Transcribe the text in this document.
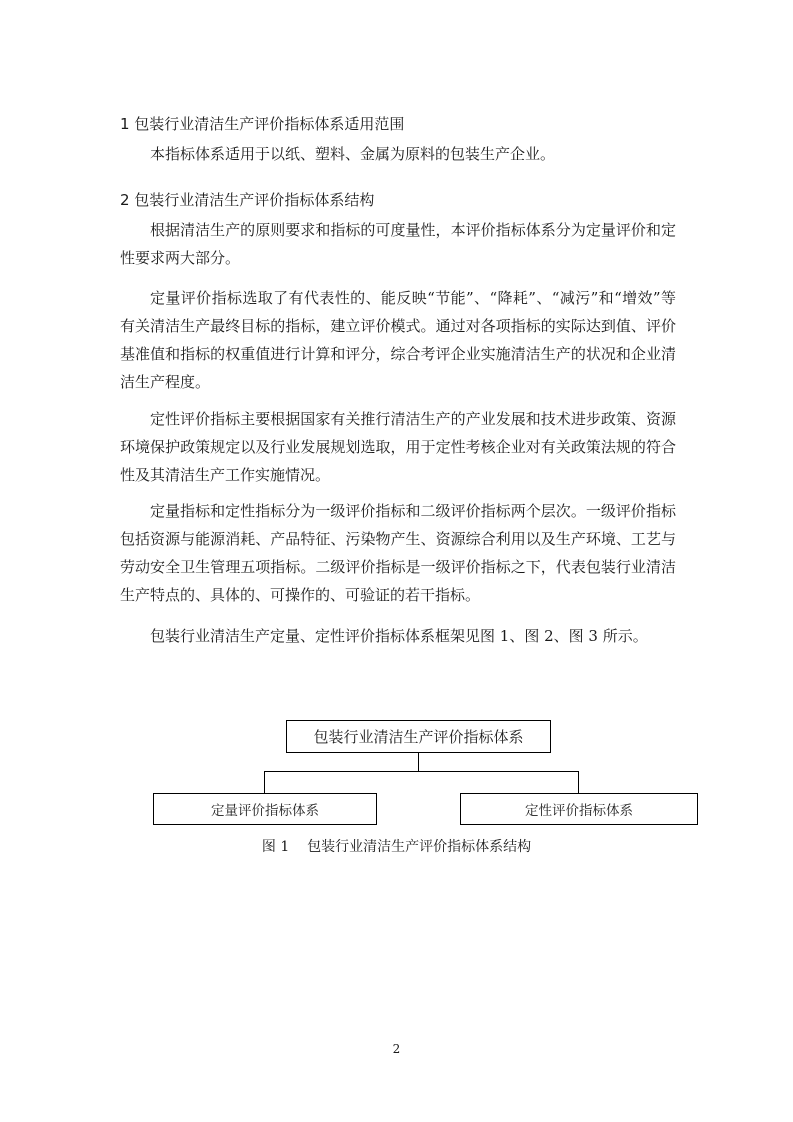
1 包装行业清洁生产评价指标体系适用范围
本指标体系适用于以纸、塑料、金属为原料的包装生产企业。
2 包装行业清洁生产评价指标体系结构
根据清洁生产的原则要求和指标的可度量性，本评价指标体系分为定量评价和定性要求两大部分。
定量评价指标选取了有代表性的、能反映“节能”、“降耗”、“减污”和“增效”等有关清洁生产最终目标的指标，建立评价模式。通过对各项指标的实际达到值、评价基准值和指标的权重值进行计算和评分，综合考评企业实施清洁生产的状况和企业清洁生产程度。
定性评价指标主要根据国家有关推行清洁生产的产业发展和技术进步政策、资源环境保护政策规定以及行业发展规划选取，用于定性考核企业对有关政策法规的符合性及其清洁生产工作实施情况。
定量指标和定性指标分为一级评价指标和二级评价指标两个层次。一级评价指标包括资源与能源消耗、产品特征、污染物产生、资源综合利用以及生产环境、工艺与劳动安全卫生管理五项指标。二级评价指标是一级评价指标之下，代表包装行业清洁生产特点的、具体的、可操作的、可验证的若干指标。
包装行业清洁生产定量、定性评价指标体系框架见图 1、图 2、图 3 所示。
包装行业清洁生产评价指标体系
定量评价指标体系	定性评价指标体系
图 1    包装行业清洁生产评价指标体系结构
2
